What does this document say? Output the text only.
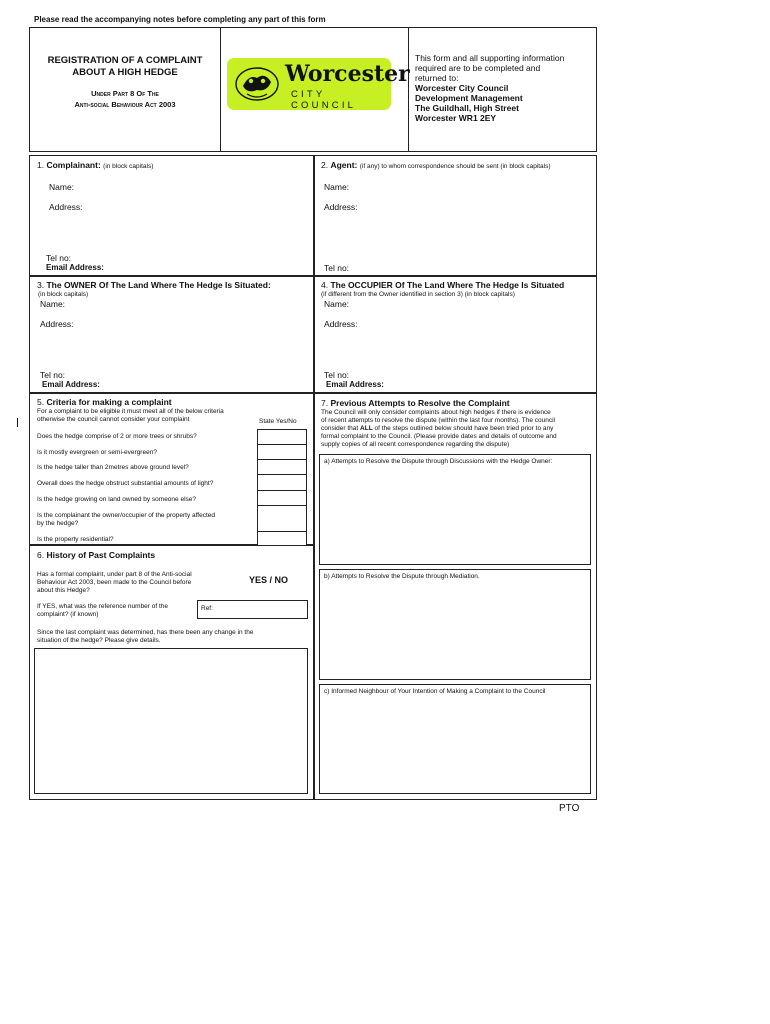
Please read the accompanying notes before completing any part of this form
REGISTRATION OF A COMPLAINT
ABOUT A HIGH HEDGE
Under Part 8 Of The
Anti-social Behaviour Act 2003
Worcester
CITY COUNCIL
This form and all supporting information
required are to be completed and
returned to:
Worcester City Council
Development Management
The Guildhall, High Street
Worcester WR1 2EY
1. Complainant: (in block capitals)
Name:
Address:
Tel no:
Email Address:
2. Agent: (if any) to whom correspondence should be sent (in block capitals)
Name:
Address:
Tel no:
3. The OWNER Of The Land Where The Hedge Is Situated:
(in block capitals)
Name:
Address:
Tel no:
Email Address:
4. The OCCUPIER Of The Land Where The Hedge Is Situated
(if different from the Owner identified in section 3) (in block capitals)
Name:
Address:
Tel no:
Email Address:
5. Criteria for making a complaint
For a complaint to be eligible it must meet all of the below criteria
otherwise the council cannot consider your complaint	State Yes/No
Does the hedge comprise of 2 or more trees or shrubs?
Is it mostly evergreen or semi-evergreen?
Is the hedge taller than 2metres above ground level?
Overall does the hedge obstruct substantial amounts of light?
Is the hedge growing on land owned by someone else?
Is the complainant the owner/occupier of the property affected
by the hedge?
Is the property residential?
6. History of Past Complaints
Has a formal complaint, under part 8 of the Anti-social
Behaviour Act 2003, been made to the Council before
about this Hedge?
YES / NO
If YES, what was the reference number of the
complaint? (if known)
Since the last complaint was determined, has there been any change in the
situation of the hedge? Please give details.
Ref:
7. Previous Attempts to Resolve the Complaint
The Council will only consider complaints about high hedges if there is evidence
of recent attempts to resolve the dispute (within the last four months). The council
consider that ALL of the steps outlined below should have been tried prior to any
formal complaint to the Council. (Please provide dates and details of outcome and
supply copies of all recent correspondence regarding the dispute)
a) Attempts to Resolve the Dispute through Discussions with the Hedge Owner:
b) Attempts to Resolve the Dispute through Mediation.
c) Informed Neighbour of Your Intention of Making a Complaint to the Council
PTO
